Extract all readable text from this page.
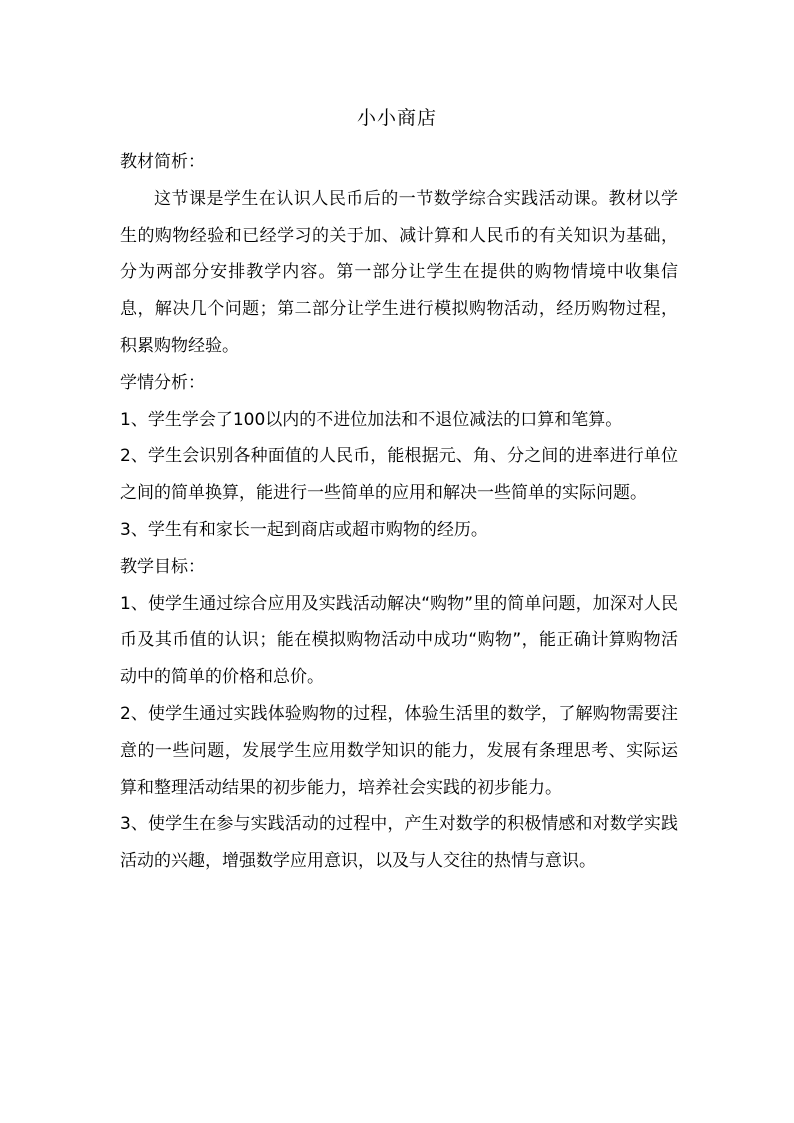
小小商店

教材简析：

这节课是学生在认识人民币后的一节数学综合实践活动课。教材以学生的购物经验和已经学习的关于加、减计算和人民币的有关知识为基础，分为两部分安排教学内容。第一部分让学生在提供的购物情境中收集信息，解决几个问题；第二部分让学生进行模拟购物活动，经历购物过程，积累购物经验。

学情分析：

1、学生学会了100以内的不进位加法和不退位减法的口算和笔算。

2、学生会识别各种面值的人民币，能根据元、角、分之间的进率进行单位之间的简单换算，能进行一些简单的应用和解决一些简单的实际问题。

3、学生有和家长一起到商店或超市购物的经历。

教学目标：

1、使学生通过综合应用及实践活动解决“购物”里的简单问题，加深对人民币及其币值的认识；能在模拟购物活动中成功“购物”，能正确计算购物活动中的简单的价格和总价。

2、使学生通过实践体验购物的过程，体验生活里的数学，了解购物需要注意的一些问题，发展学生应用数学知识的能力，发展有条理思考、实际运算和整理活动结果的初步能力，培养社会实践的初步能力。

3、使学生在参与实践活动的过程中，产生对数学的积极情感和对数学实践活动的兴趣，增强数学应用意识，以及与人交往的热情与意识。
